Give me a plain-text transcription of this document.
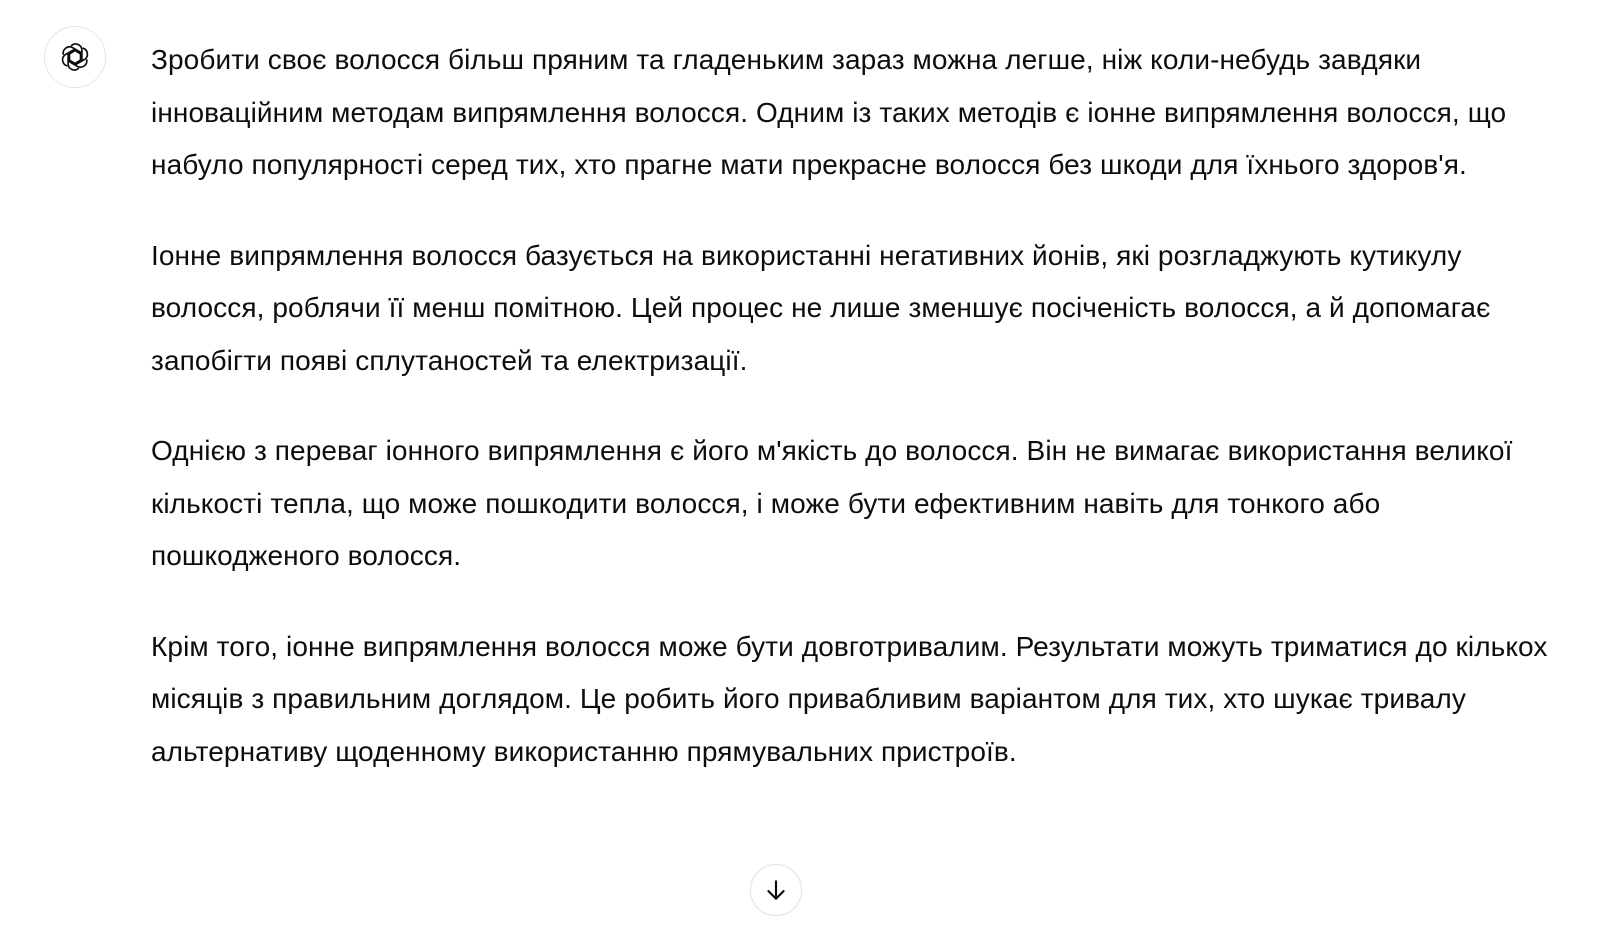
Зробити своє волосся більш пряним та гладеньким зараз можна легше, ніж коли-небудь завдяки інноваційним методам випрямлення волосся. Одним із таких методів є іонне випрямлення волосся, що набуло популярності серед тих, хто прагне мати прекрасне волосся без шкоди для їхнього здоров'я.

Іонне випрямлення волосся базується на використанні негативних йонів, які розгладжують кутикулу волосся, роблячи її менш помітною. Цей процес не лише зменшує посіченість волосся, а й допомагає запобігти появі сплутаностей та електризації.

Однією з переваг іонного випрямлення є його м'якість до волосся. Він не вимагає використання великої кількості тепла, що може пошкодити волосся, і може бути ефективним навіть для тонкого або пошкодженого волосся.

Крім того, іонне випрямлення волосся може бути довготривалим. Результати можуть триматися до кількох місяців з правильним доглядом. Це робить його привабливим варіантом для тих, хто шукає тривалу альтернативу щоденному використанню прямувальних пристроїв.
